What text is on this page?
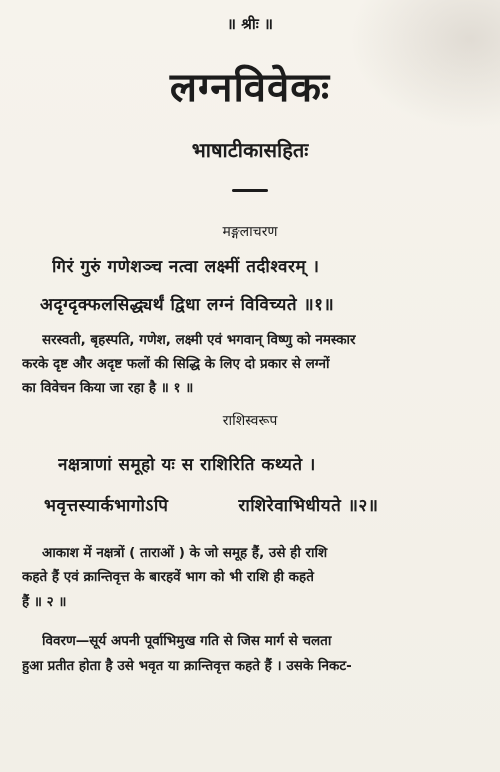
॥ श्रीः ॥
लग्नविवेकः
भाषाटीकासहितः
मङ्गलाचरण
गिरं गुरुं गणेशञ्च नत्वा लक्ष्मीं तदीश्वरम् ।
अदृग्दृक्फलसिद्ध्यर्थं द्विधा लग्नं विविच्यते ॥१॥
सरस्वती, बृहस्पति, गणेश, लक्ष्मी एवं भगवान् विष्णु को नमस्कार
करके दृष्ट और अदृष्ट फलों की सिद्धि के लिए दो प्रकार से लग्नों
का विवेचन किया जा रहा है ॥ १ ॥
राशिस्वरूप
नक्षत्राणां समूहो यः स राशिरिति कथ्यते ।
भवृत्तस्यार्कभागोऽपि	राशिरेवाभिधीयते ॥२॥
आकाश में नक्षत्रों ( ताराओं ) के जो समूह हैं, उसे ही राशि
कहते हैं एवं क्रान्तिवृत्त के बारहवें भाग को भी राशि ही कहते
हैं ॥ २ ॥
विवरण—सूर्य अपनी पूर्वाभिमुख गति से जिस मार्ग से चलता
हुआ प्रतीत होता है उसे भवृत या क्रान्तिवृत्त कहते हैं । उसके निकट-
